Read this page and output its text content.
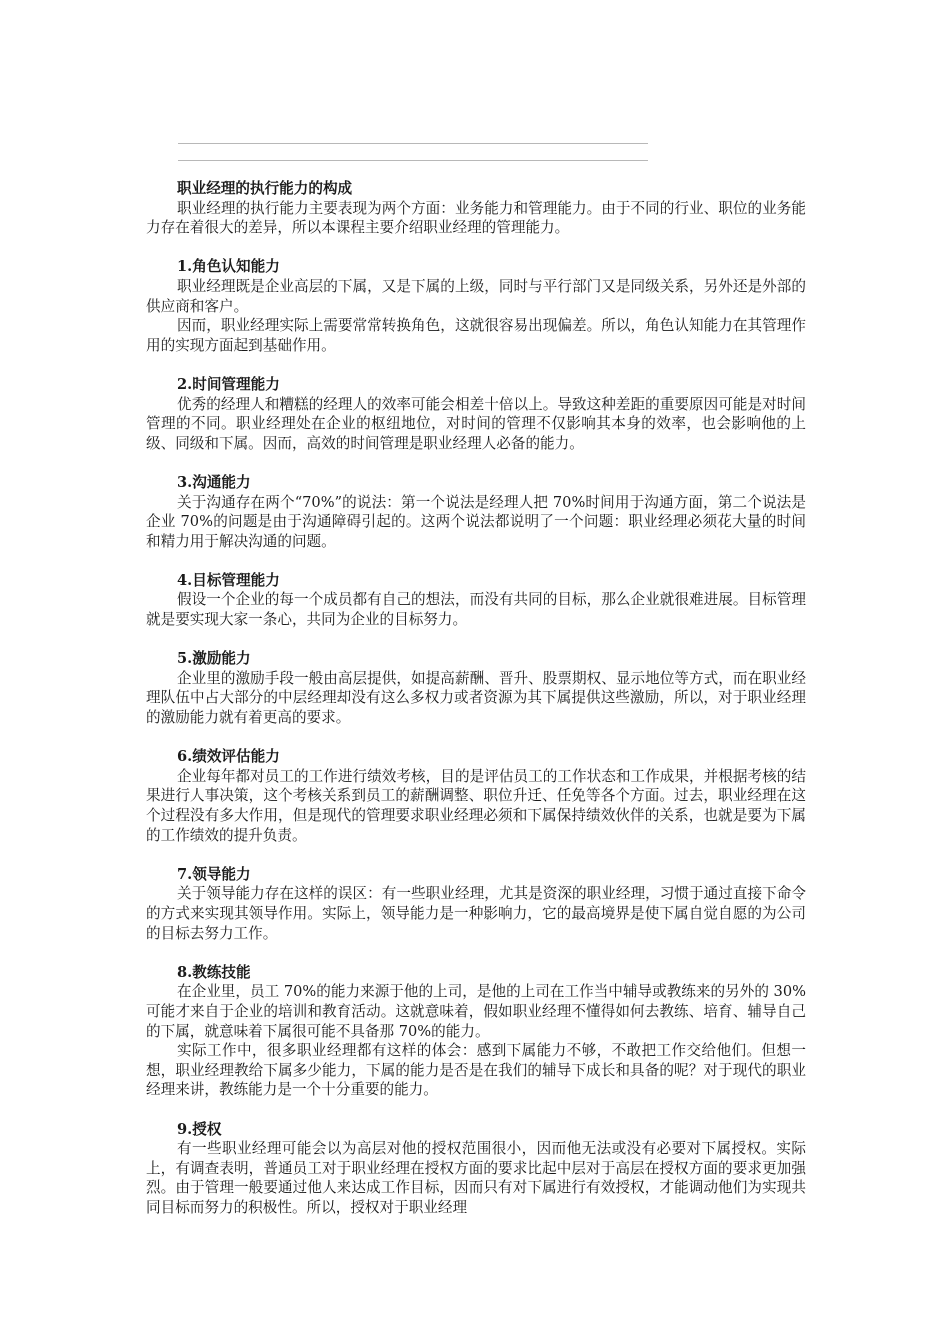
职业经理的执行能力的构成

职业经理的执行能力主要表现为两个方面：业务能力和管理能力。由于不同的行业、职位的业务能力存在着很大的差异，所以本课程主要介绍职业经理的管理能力。

1.角色认知能力

职业经理既是企业高层的下属，又是下属的上级，同时与平行部门又是同级关系，另外还是外部的供应商和客户。

因而，职业经理实际上需要常常转换角色，这就很容易出现偏差。所以，角色认知能力在其管理作用的实现方面起到基础作用。

2.时间管理能力

优秀的经理人和糟糕的经理人的效率可能会相差十倍以上。导致这种差距的重要原因可能是对时间管理的不同。职业经理处在企业的枢纽地位，对时间的管理不仅影响其本身的效率，也会影响他的上级、同级和下属。因而，高效的时间管理是职业经理人必备的能力。

3.沟通能力

关于沟通存在两个“70%”的说法：第一个说法是经理人把 70%时间用于沟通方面，第二个说法是企业 70%的问题是由于沟通障碍引起的。这两个说法都说明了一个问题：职业经理必须花大量的时间和精力用于解决沟通的问题。

4.目标管理能力

假设一个企业的每一个成员都有自己的想法，而没有共同的目标，那么企业就很难进展。目标管理就是要实现大家一条心，共同为企业的目标努力。

5.激励能力

企业里的激励手段一般由高层提供，如提高薪酬、晋升、股票期权、显示地位等方式，而在职业经理队伍中占大部分的中层经理却没有这么多权力或者资源为其下属提供这些激励，所以，对于职业经理的激励能力就有着更高的要求。

6.绩效评估能力

企业每年都对员工的工作进行绩效考核，目的是评估员工的工作状态和工作成果，并根据考核的结果进行人事决策，这个考核关系到员工的薪酬调整、职位升迁、任免等各个方面。过去，职业经理在这个过程没有多大作用，但是现代的管理要求职业经理必须和下属保持绩效伙伴的关系，也就是要为下属的工作绩效的提升负责。

7.领导能力

关于领导能力存在这样的误区：有一些职业经理，尤其是资深的职业经理，习惯于通过直接下命令的方式来实现其领导作用。实际上，领导能力是一种影响力，它的最高境界是使下属自觉自愿的为公司的目标去努力工作。

8.教练技能

在企业里，员工 70%的能力来源于他的上司，是他的上司在工作当中辅导或教练来的另外的 30%可能才来自于企业的培训和教育活动。这就意味着，假如职业经理不懂得如何去教练、培育、辅导自己的下属，就意味着下属很可能不具备那 70%的能力。

实际工作中，很多职业经理都有这样的体会：感到下属能力不够，不敢把工作交给他们。但想一想，职业经理教给下属多少能力，下属的能力是否是在我们的辅导下成长和具备的呢？对于现代的职业经理来讲，教练能力是一个十分重要的能力。

9.授权

有一些职业经理可能会以为高层对他的授权范围很小，因而他无法或没有必要对下属授权。实际上，有调查表明，普通员工对于职业经理在授权方面的要求比起中层对于高层在授权方面的要求更加强烈。由于管理一般要通过他人来达成工作目标，因而只有对下属进行有效授权，才能调动他们为实现共同目标而努力的积极性。所以，授权对于职业经理
